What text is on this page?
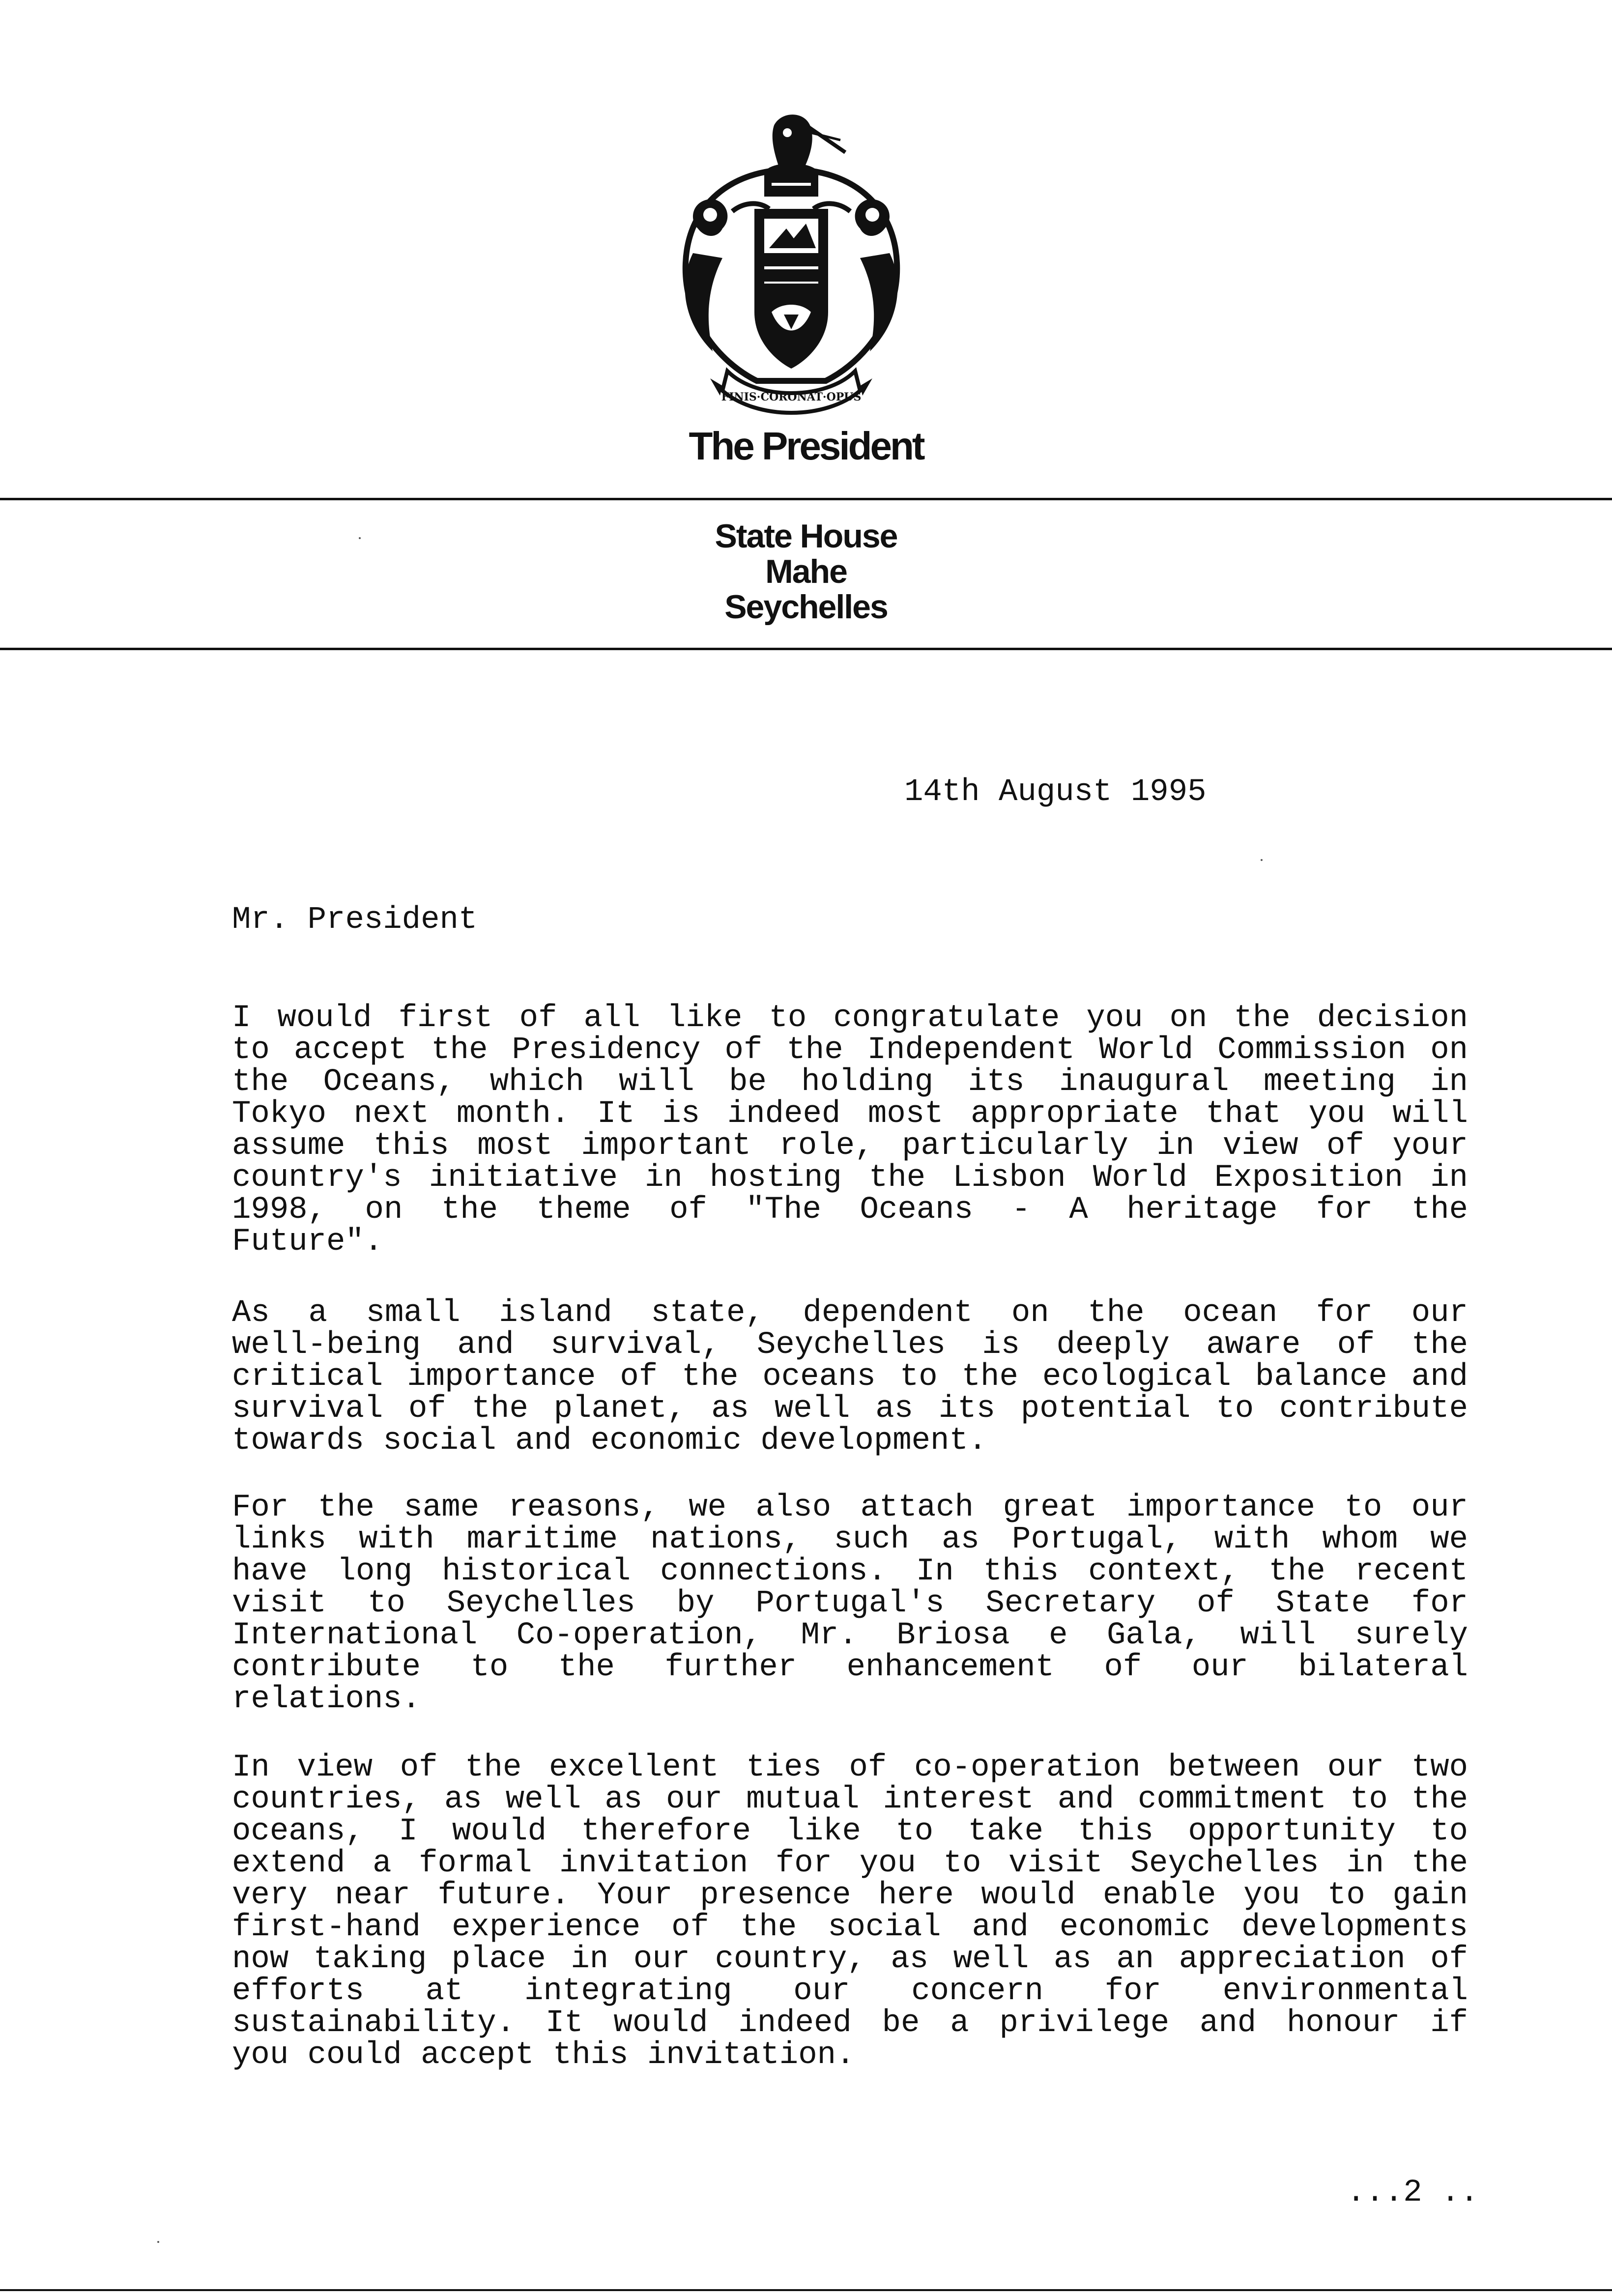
FINIS·CORONAT·OPUS
The President
State House
Mahe
Seychelles
14th August 1995
Mr. President
I would first of all like to congratulate you on the decision
to accept the Presidency of the Independent World Commission on
the Oceans, which will be holding its inaugural meeting in
Tokyo next month. It is indeed most appropriate that you will
assume this most important role, particularly in view of your
country's initiative in hosting the Lisbon World Exposition in
1998, on the theme of "The Oceans - A heritage for the
Future".
As a small island state, dependent on the ocean for our
well-being and survival, Seychelles is deeply aware of the
critical importance of the oceans to the ecological balance and
survival of the planet, as well as its potential to contribute
towards social and economic development.
For the same reasons, we also attach great importance to our
links with maritime nations, such as Portugal, with whom we
have long historical connections. In this context, the recent
visit to Seychelles by Portugal's Secretary of State for
International Co-operation, Mr. Briosa e Gala, will surely
contribute to the further enhancement of our bilateral
relations.
In view of the excellent ties of co-operation between our two
countries, as well as our mutual interest and commitment to the
oceans, I would therefore like to take this opportunity to
extend a formal invitation for you to visit Seychelles in the
very near future. Your presence here would enable you to gain
first-hand experience of the social and economic developments
now taking place in our country, as well as an appreciation of
efforts at integrating our concern for environmental
sustainability. It would indeed be a privilege and honour if
you could accept this invitation.
...2 ..
